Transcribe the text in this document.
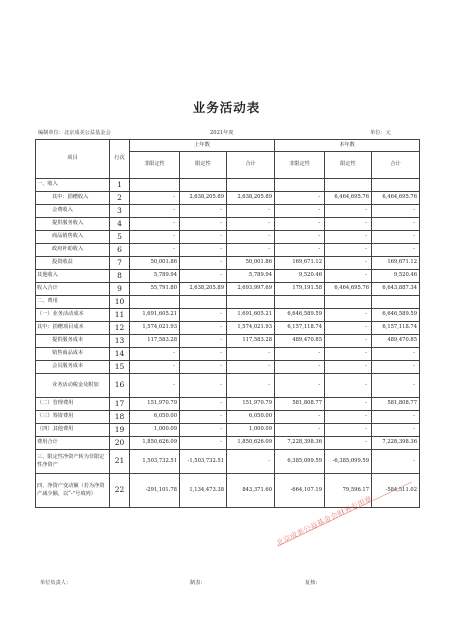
业务活动表
编制单位：北京成美公益基金会	2021年度	单位：元
项目	行次	上年数			本年数		
		非限定性	限定性	合计	非限定性	限定性	合计
一、收入	1						
其中：捐赠收入	2	-	2,638,205.89	2,638,205.89	-	6,464,695.76	6,464,695.76
会费收入	3	-	-	-	-	-	-
提供服务收入	4	-	-	-	-	-	-
商品销售收入	5	-	-	-	-	-	-
政府补助收入	6	-	-	-	-	-	-
投资收益	7	50,001.86	-	50,001.86	169,671.12	-	169,671.12
其他收入	8	5,789.94	-	5,789.94	9,520.46	-	9,520.46
收入合计	9	55,791.80	2,638,205.89	2,693,997.69	179,191.58	6,464,695.76	6,643,887.34
二、费用	10						
（一）业务活动成本	11	1,691,605.21	-	1,691,605.21	6,646,589.59	-	6,646,589.59
其中：捐赠项目成本	12	1,574,021.93	-	1,574,021.93	6,157,118.74	-	6,157,118.74
提供服务成本	13	117,583.28	-	117,583.28	489,470.85	-	489,470.85
销售商品成本	14	-	-	-	-	-	-
会员服务成本	15	-	-	-	-	-	-
业务活动税金及附加	16	-	-	-	-	-	-
（二）管理费用	17	151,970.79	-	151,970.79	581,808.77	-	581,808.77
（三）筹资费用	18	6,050.00	-	6,050.00	-	-	-
（四）其他费用	19	1,000.09	-	1,000.09	-	-	-
费用合计	20	1,850,626.09	-	1,850,626.09	7,228,398.36	-	7,228,398.36
三、限定性净资产转为非限定性净资产	21	1,503,732.51	-1,503,732.51	-	6,385,099.59	-6,385,099.59	-
四、净资产变动额（若为净资产减少额，以“-”号填列）	22	-291,101.78	1,134,473.38	843,371.60	-664,107.19	79,596.17	-584,511.02
单位负责人：	制表：	复核：
北京成美公益基金会财务专用章
